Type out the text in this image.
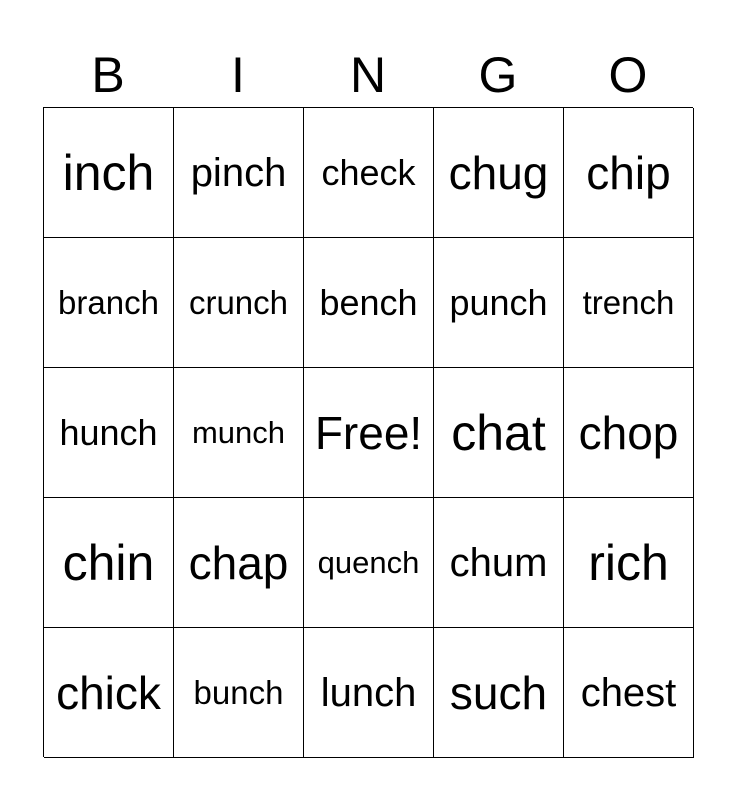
B	I	N	G	O
inch pinch check chug chip
branch crunch bench punch	trench
hunch	munch Free! chat chop
chin chap quench chum rich
chick bunch lunch such chest
